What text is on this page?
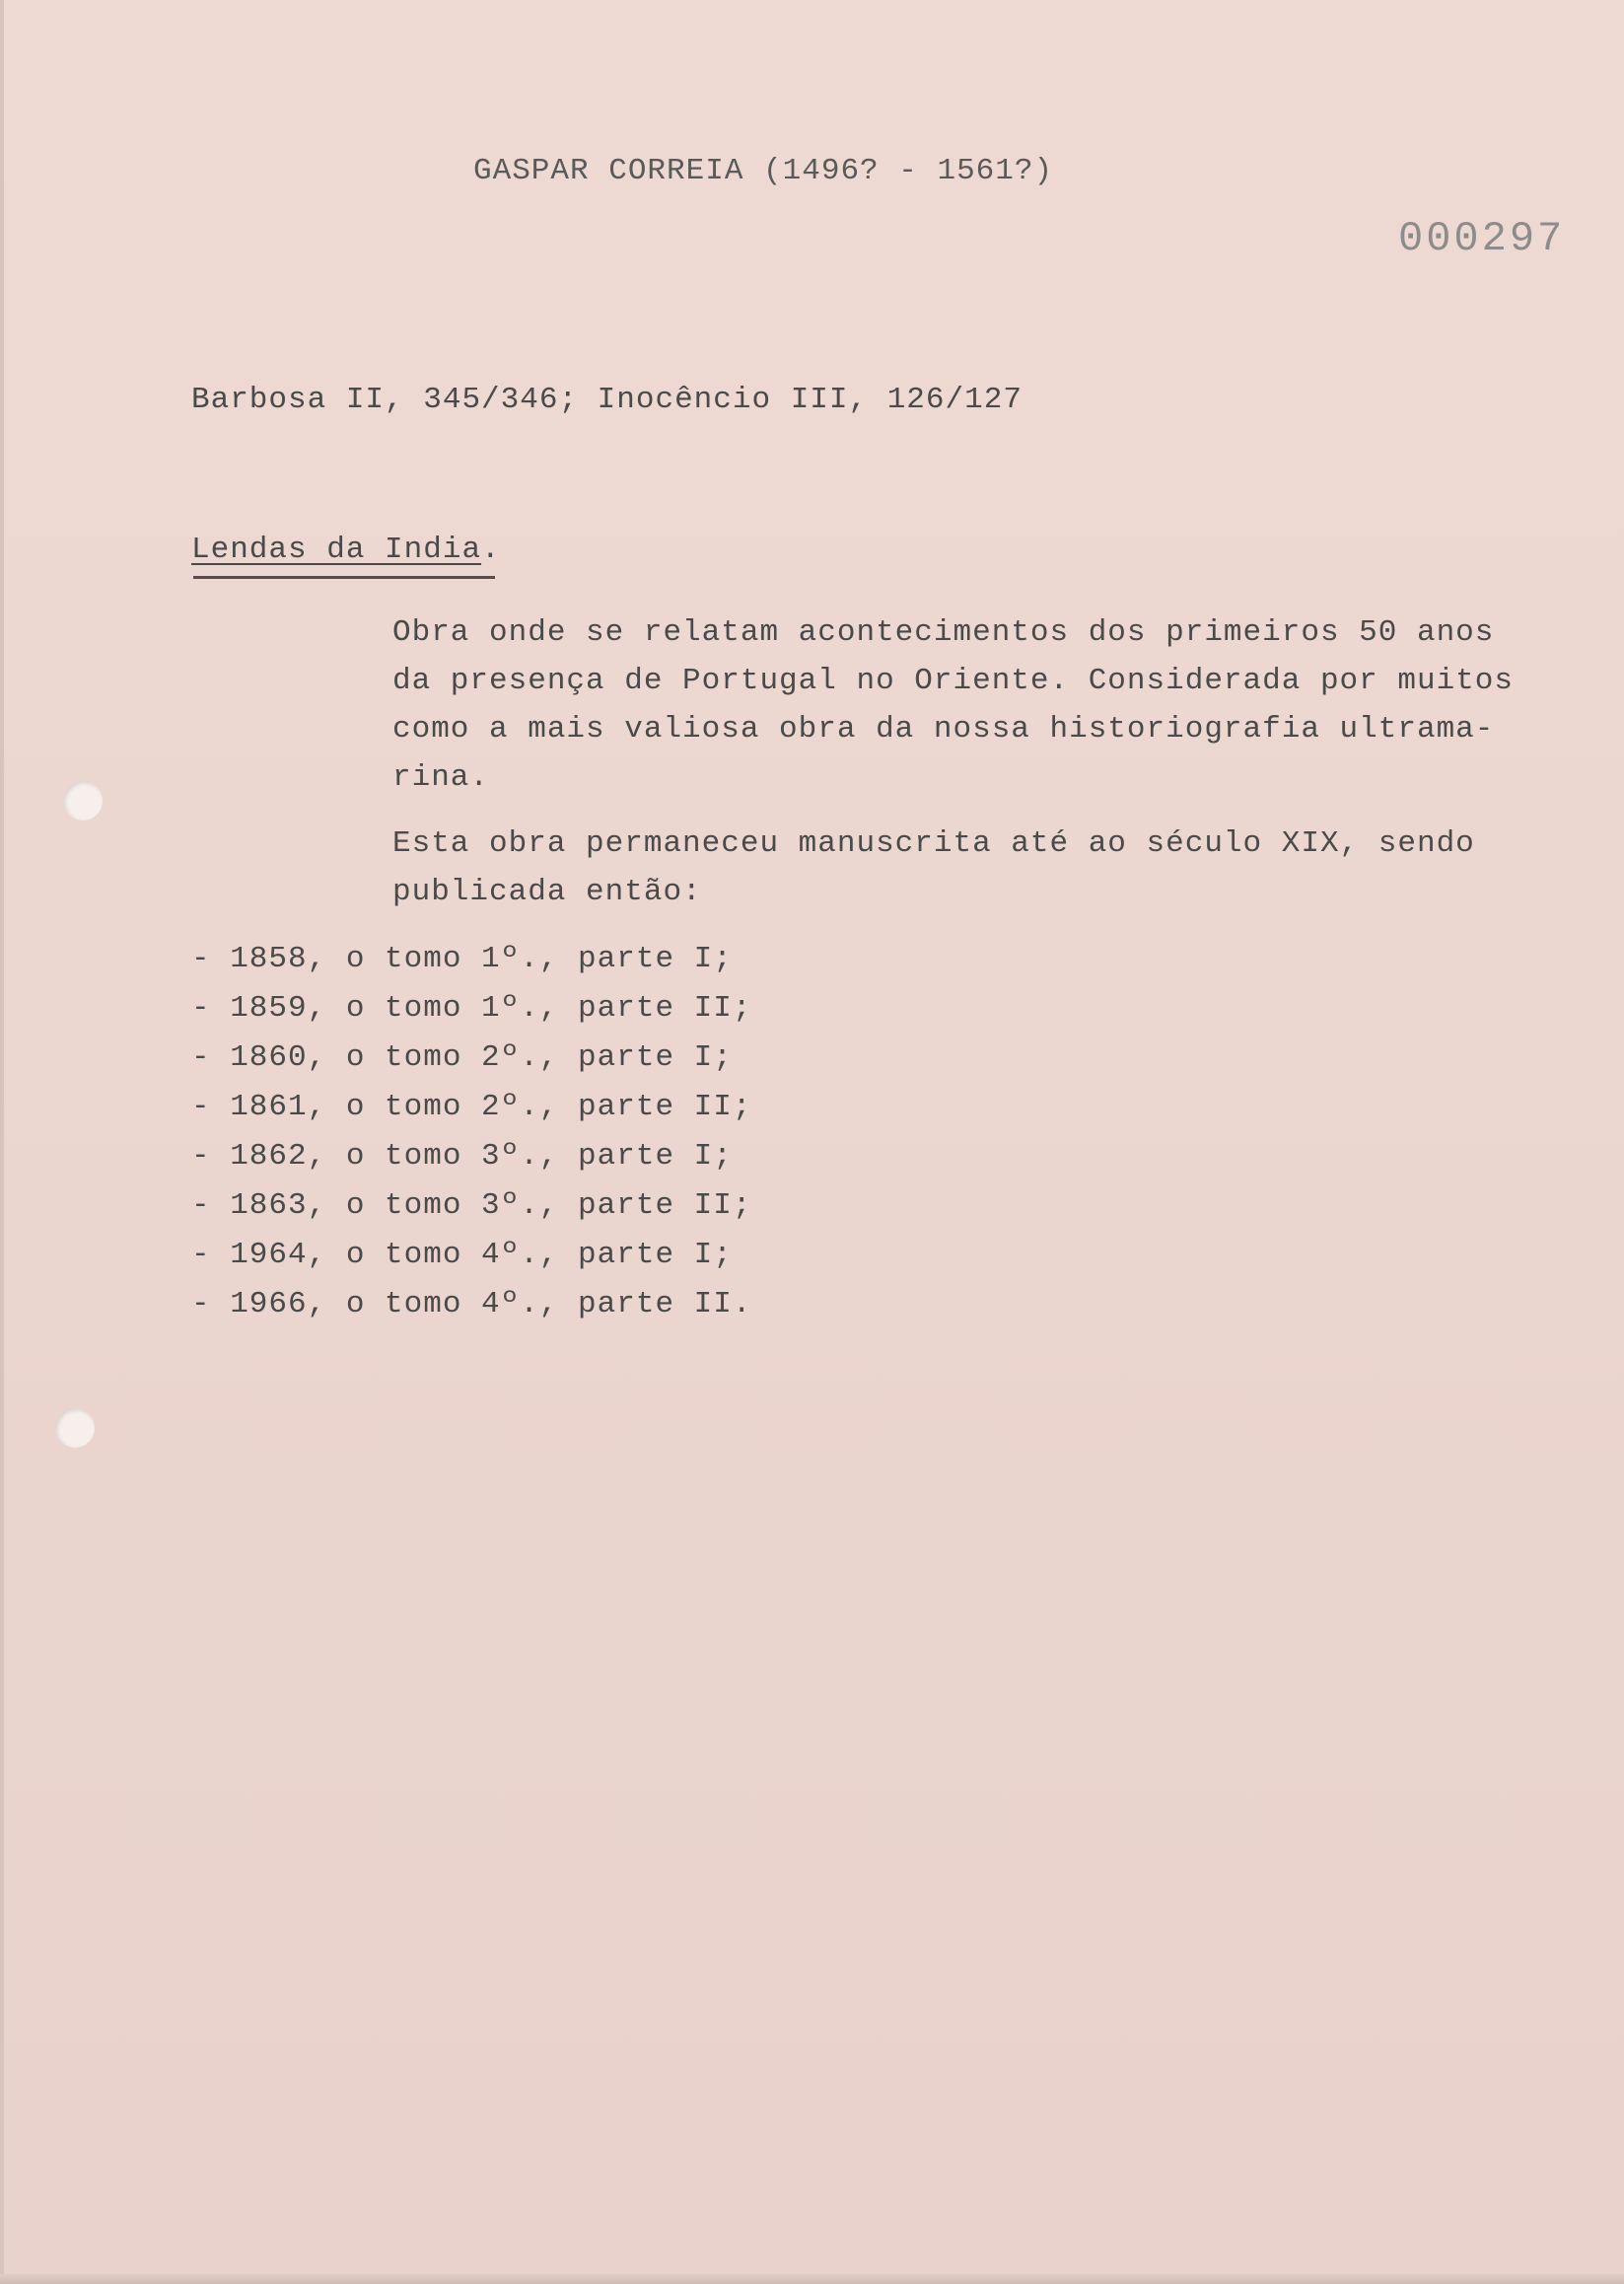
GASPAR CORREIA (1496? - 1561?)
000297
Barbosa II, 345/346; Inocêncio III, 126/127
Lendas da India.
Obra onde se relatam acontecimentos dos primeiros 50 anos
da presença de Portugal no Oriente. Considerada por muitos
como a mais valiosa obra da nossa historiografia ultrama-
rina.
Esta obra permaneceu manuscrita até ao século XIX, sendo
publicada então:
- 1858, o tomo 1º., parte I;
- 1859, o tomo 1º., parte II;
- 1860, o tomo 2º., parte I;
- 1861, o tomo 2º., parte II;
- 1862, o tomo 3º., parte I;
- 1863, o tomo 3º., parte II;
- 1964, o tomo 4º., parte I;
- 1966, o tomo 4º., parte II.
